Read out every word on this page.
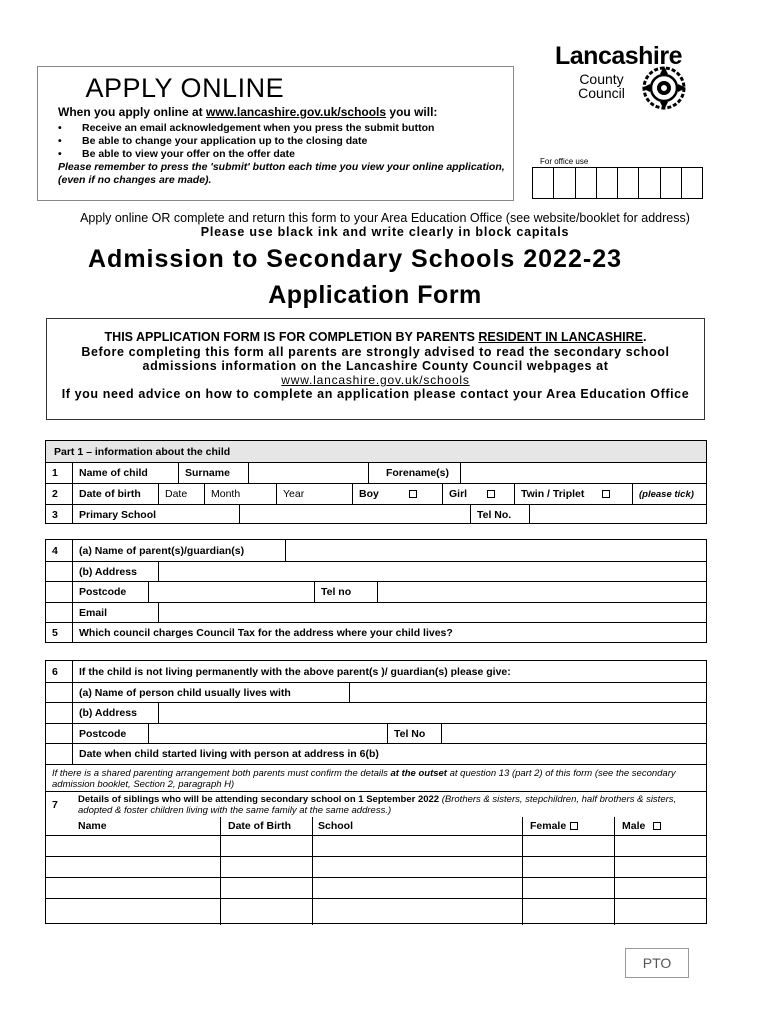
 APPLY ONLINE
When you apply online at www.lancashire.gov.uk/schools you will:
• Receive an email acknowledgement when you press the submit button
• Be able to change your application up to the closing date
• Be able to view your offer on the offer date
Please remember to press the 'submit' button each time you view your online application, (even if no changes are made).
Lancashire
County
Council
For office use
Apply online OR complete and return this form to your Area Education Office (see website/booklet for address)
Please use black ink and write clearly in block capitals
Admission to Secondary Schools 2022-23
Application Form
THIS APPLICATION FORM IS FOR COMPLETION BY PARENTS RESIDENT IN LANCASHIRE.
Before completing this form all parents are strongly advised to read the secondary school admissions information on the Lancashire County Council webpages at
www.lancashire.gov.uk/schools
If you need advice on how to complete an application please contact your Area Education Office
Part 1 – information about the child
1	Name of child	Surname	Forename(s)
2	Date of birth	Date	Month	Year	Boy	Girl	Twin / Triplet	(please tick)
3	Primary School	Tel No.
4	(a) Name of parent(s)/guardian(s)
(b) Address
Postcode	Tel no
Email
5	Which council charges Council Tax for the address where your child lives?
6	If the child is not living permanently with the above parent(s )/ guardian(s) please give:
(a) Name of person child usually lives with
(b) Address
Postcode	Tel No
Date when child started living with person at address in 6(b)
If there is a shared parenting arrangement both parents must confirm the details at the outset at question 13 (part 2) of this form (see the secondary admission booklet, Section 2, paragraph H)
7	Details of siblings who will be attending secondary school on 1 September 2022 (Brothers & sisters, stepchildren, half brothers & sisters, adopted & foster children living with the same family at the same address.)
Name	Date of Birth	School	Female	Male
PTO
